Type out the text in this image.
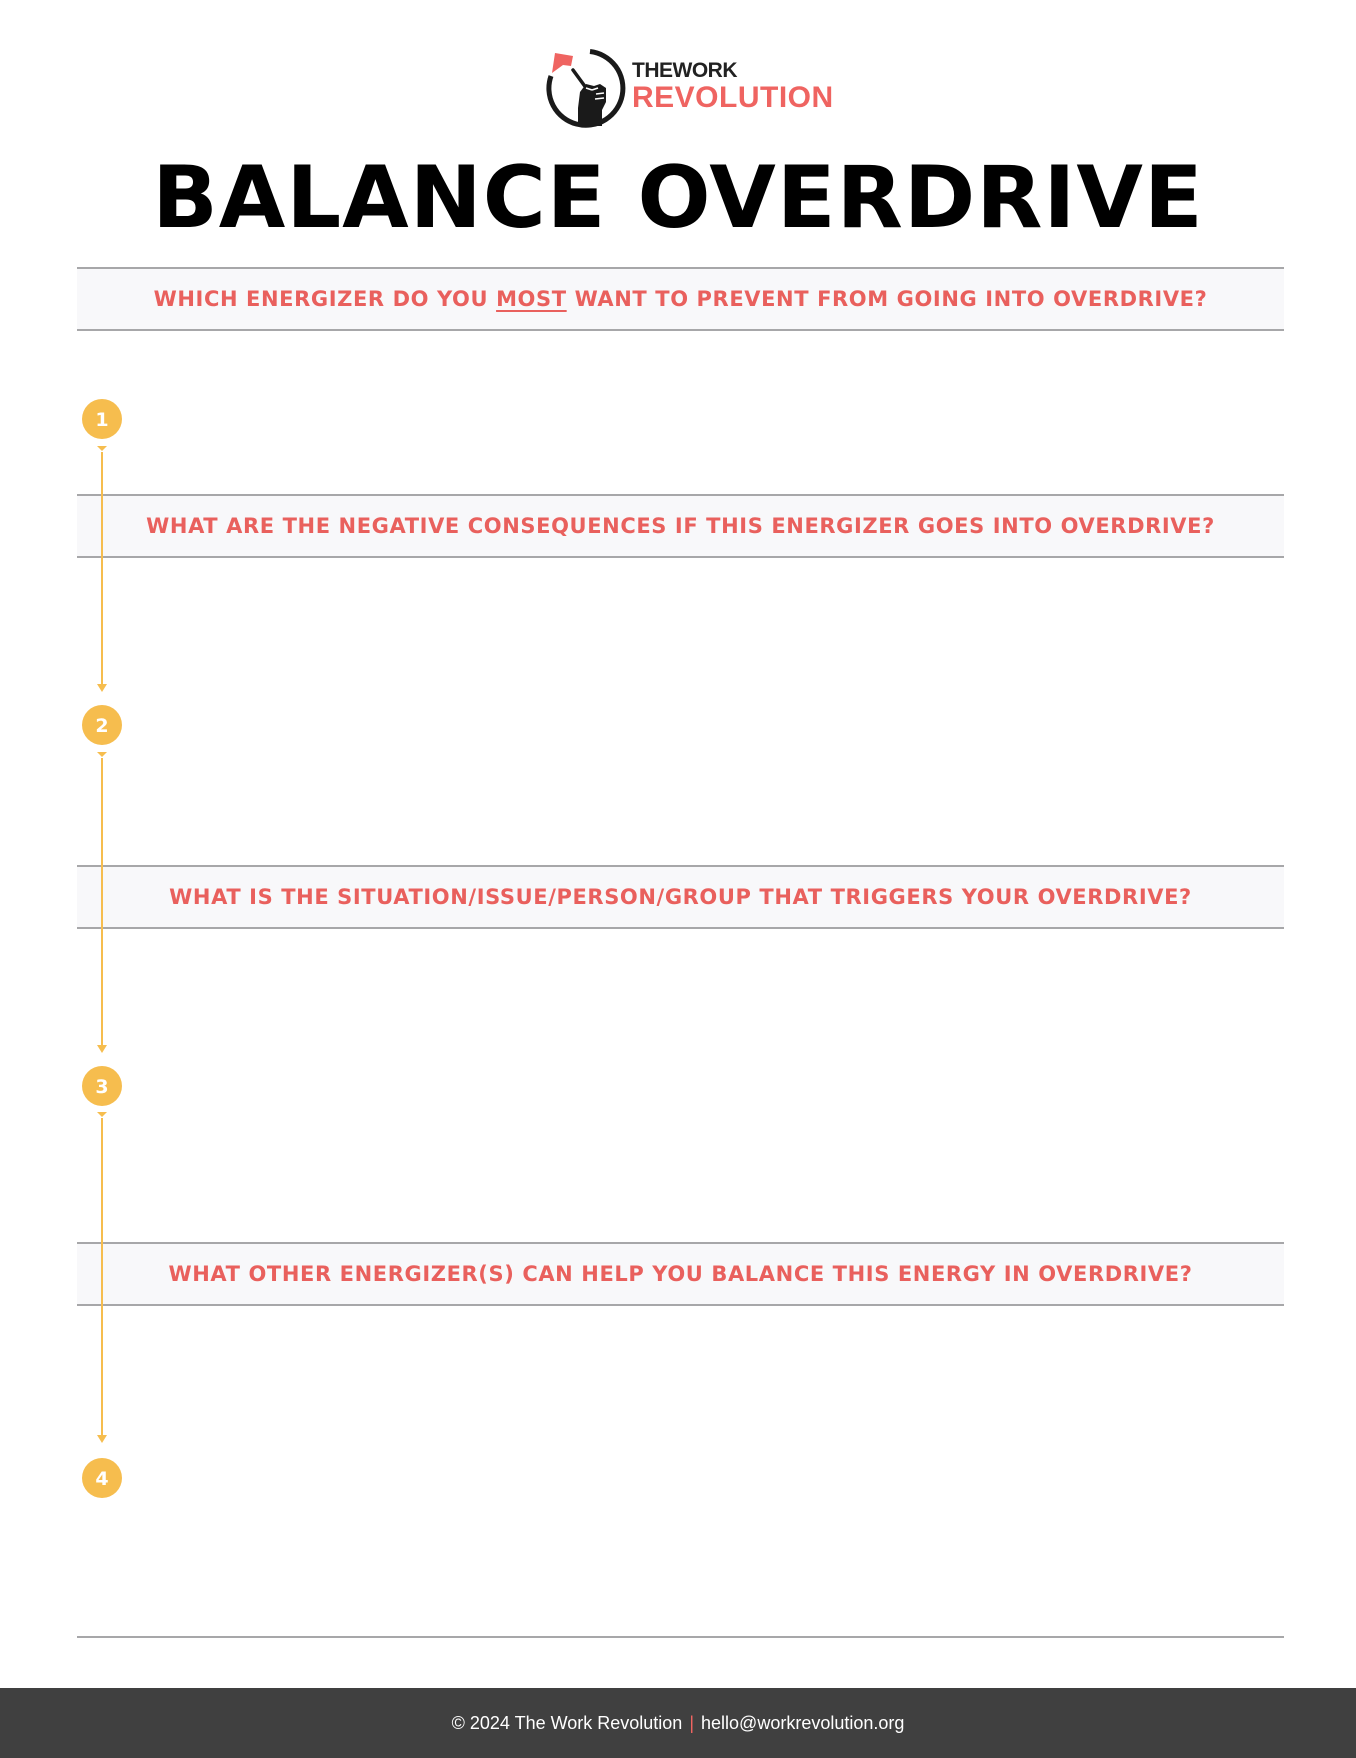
THEWORK
REVOLUTION
BALANCE OVERDRIVE
WHICH ENERGIZER DO YOU MOST WANT TO PREVENT FROM GOING INTO OVERDRIVE?
WHAT ARE THE NEGATIVE CONSEQUENCES IF THIS ENERGIZER GOES INTO OVERDRIVE?
WHAT IS THE SITUATION/ISSUE/PERSON/GROUP THAT TRIGGERS YOUR OVERDRIVE?
WHAT OTHER ENERGIZER(S) CAN HELP YOU BALANCE THIS ENERGY IN OVERDRIVE?
1
2
3
4
© 2024 The Work Revolution | hello@workrevolution.org
